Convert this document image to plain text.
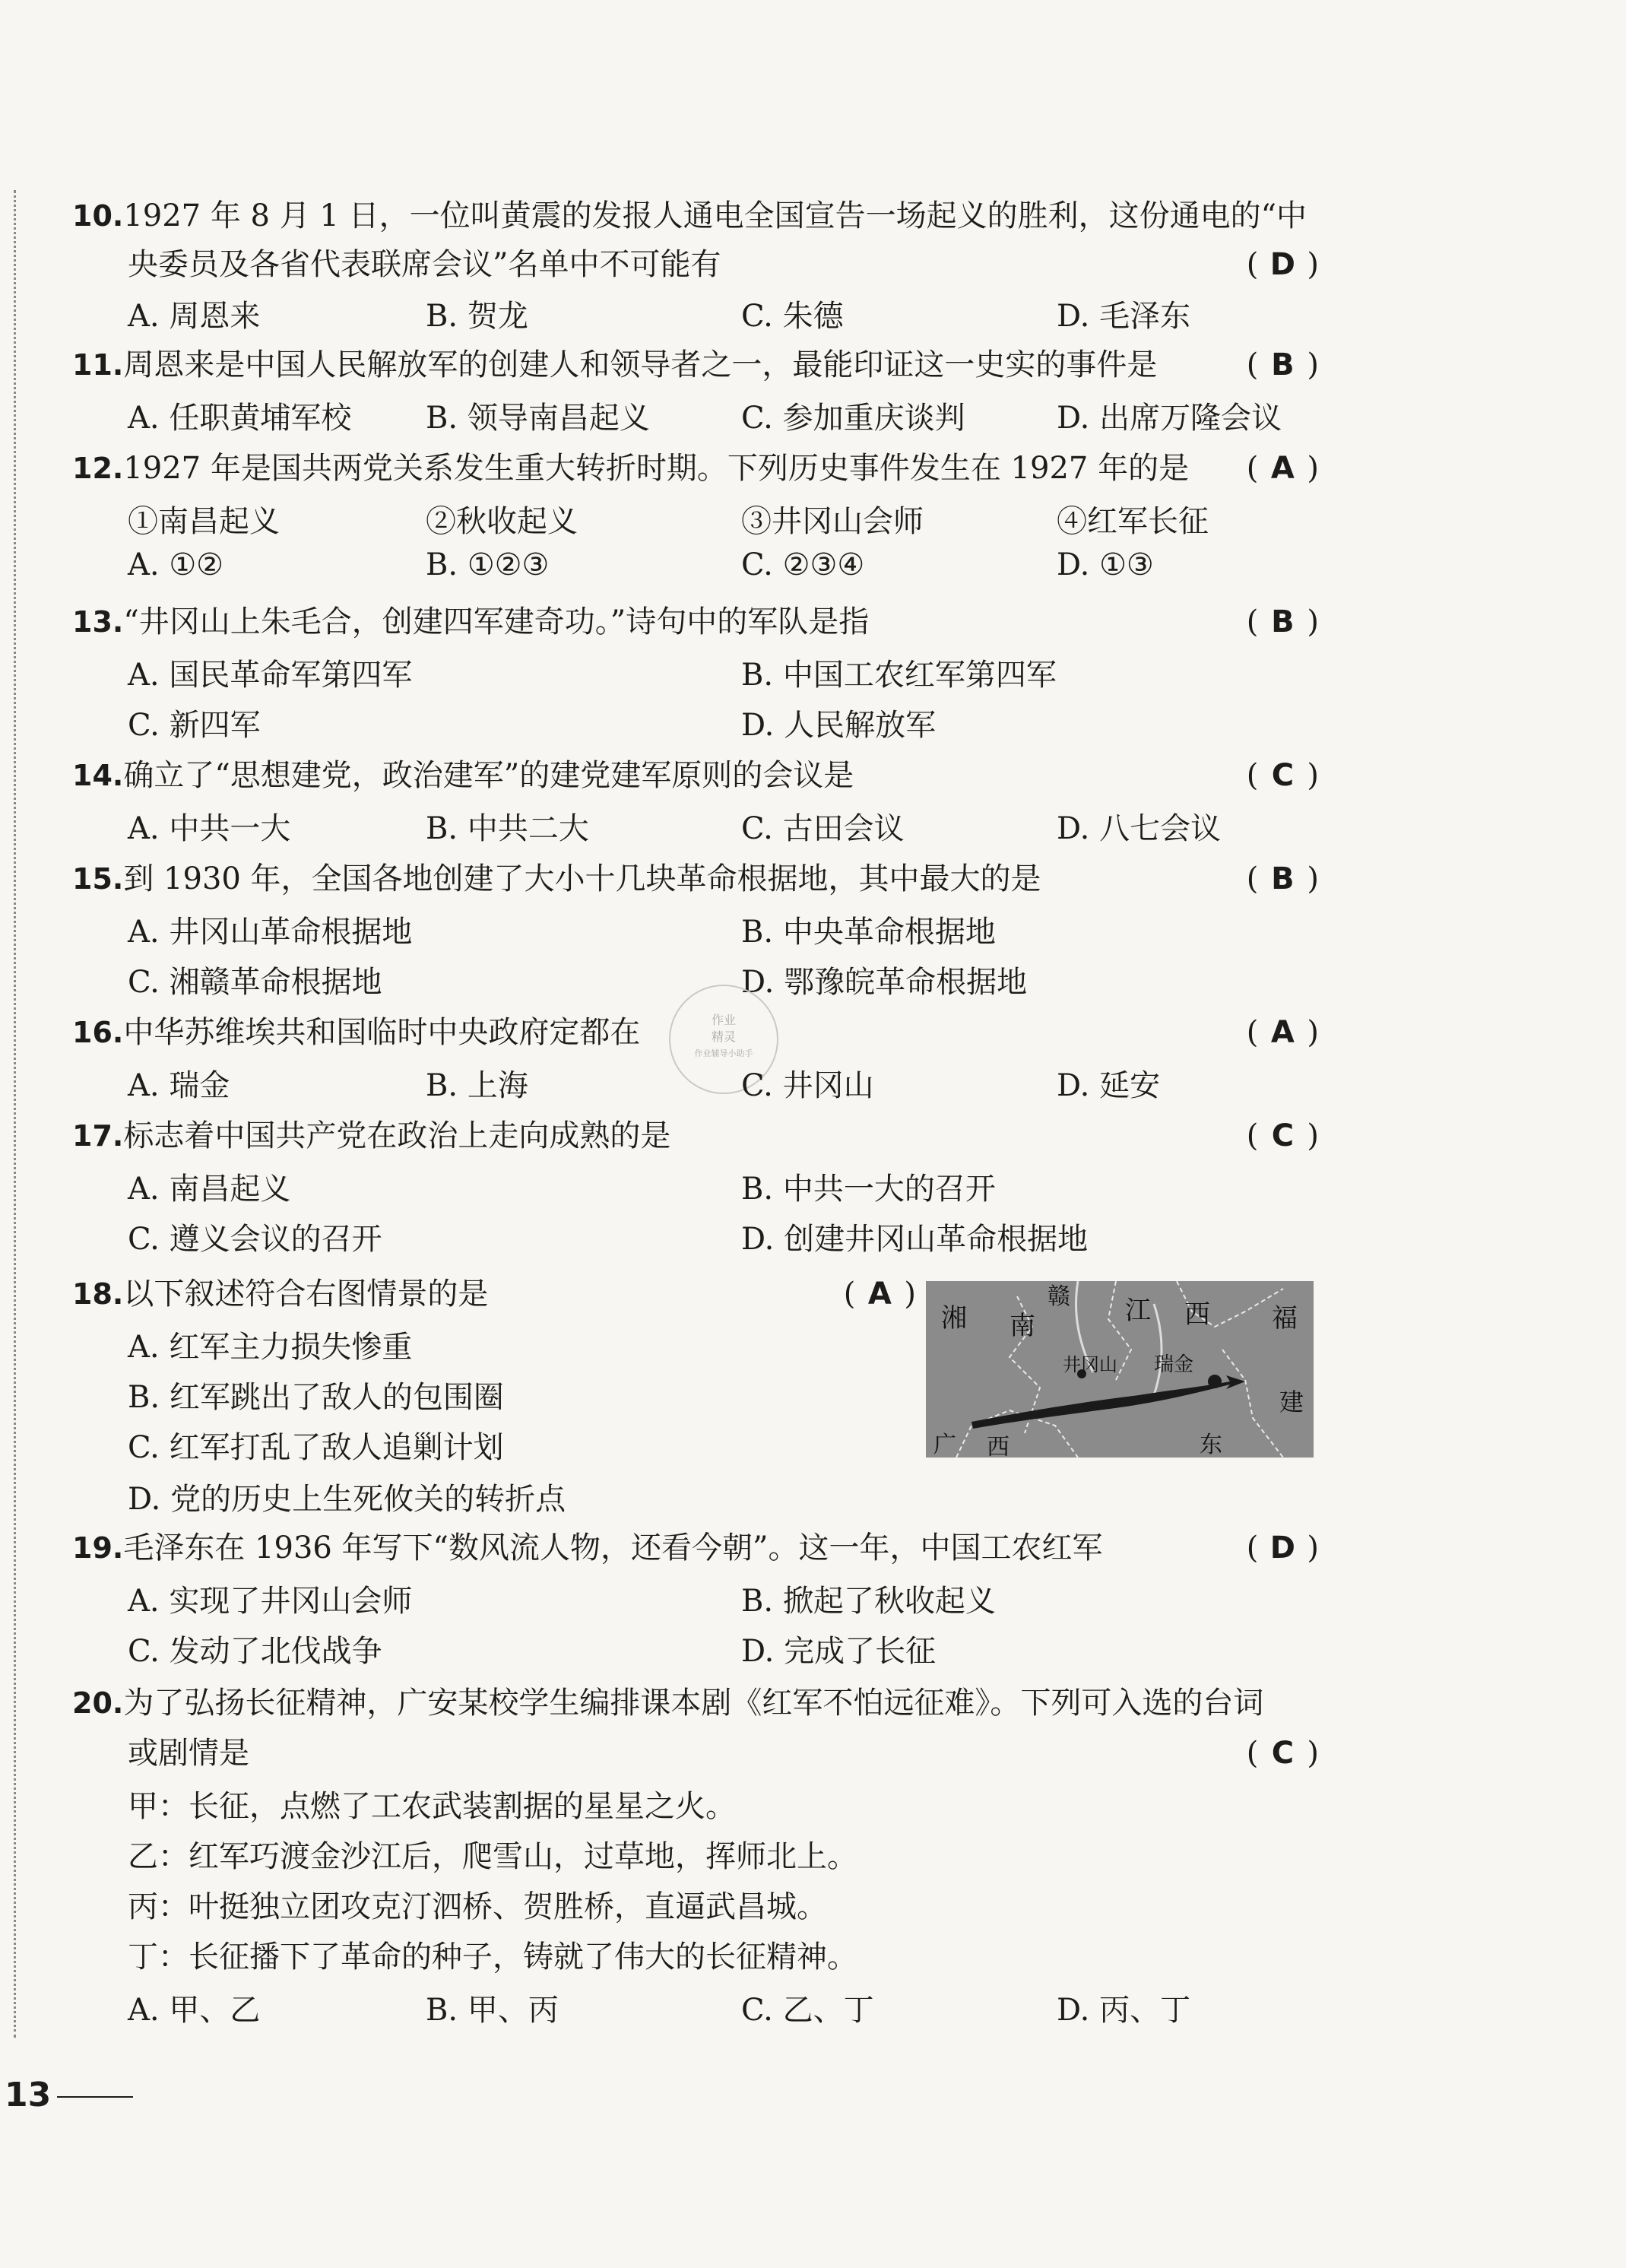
10.1927 年 8 月 1 日，一位叫黄震的发报人通电全国宣告一场起义的胜利，这份通电的“中
央委员及各省代表联席会议”名单中不可能有	( D )
A. 周恩来	B. 贺龙	C. 朱德	D. 毛泽东
11.周恩来是中国人民解放军的创建人和领导者之一，最能印证这一史实的事件是	( B )
A. 任职黄埔军校 B. 领导南昌起义	C. 参加重庆谈判	D. 出席万隆会议
12.1927 年是国共两党关系发生重大转折时期。下列历史事件发生在 1927 年的是 ( A )
①南昌起义	②秋收起义	③井冈山会师	④红军长征
A. ①②	B. ①②③	C. ②③④	D. ①③
13.“井冈山上朱毛合，创建四军建奇功。”诗句中的军队是指	( B )
A. 国民革命军第四军	B. 中国工农红军第四军
C. 新四军	D. 人民解放军
14.确立了“思想建党，政治建军”的建党建军原则的会议是	( C )
A. 中共一大	B. 中共二大	C. 古田会议	D. 八七会议
15.到 1930 年，全国各地创建了大小十几块革命根据地，其中最大的是	( B )
A. 井冈山革命根据地	B. 中央革命根据地
C. 湘赣革命根据地	D. 鄂豫皖革命根据地
作业
精灵
作业辅导小助手
16.中华苏维埃共和国临时中央政府定都在	( A )
A. 瑞金	B. 上海	C. 井冈山	D. 延安
17.标志着中国共产党在政治上走向成熟的是	( C )
A. 南昌起义	B. 中共一大的召开
C. 遵义会议的召开	D. 创建井冈山革命根据地
18.以下叙述符合右图情景的是	( A )
A. 红军主力损失惨重
B. 红军跳出了敌人的包围圈
C. 红军打乱了敌人追剿计划
D. 党的历史上生死攸关的转折点
湘 南
赣 江 西 福
建
井冈山 瑞金
广 西	东
19.毛泽东在 1936 年写下“数风流人物，还看今朝”。这一年，中国工农红军	( D )
A. 实现了井冈山会师	B. 掀起了秋收起义
C. 发动了北伐战争	D. 完成了长征
20.为了弘扬长征精神，广安某校学生编排课本剧《红军不怕远征难》。下列可入选的台词
或剧情是	( C )
甲：长征，点燃了工农武装割据的星星之火。
乙：红军巧渡金沙江后，爬雪山，过草地，挥师北上。
丙：叶挺独立团攻克汀泗桥、贺胜桥，直逼武昌城。
丁：长征播下了革命的种子，铸就了伟大的长征精神。
A. 甲、乙	B. 甲、丙	C. 乙、丁	D. 丙、丁
13
